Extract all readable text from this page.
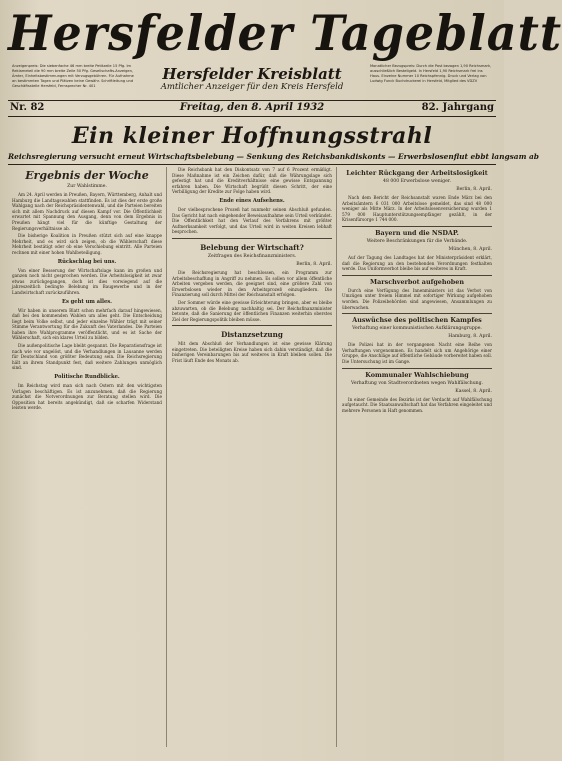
Hersfelder Tageblatt
Anzeigenpreis: Die siebenfache 46 mm breite Petitzeile 15 Pfg. Im Reklameteil die 90 mm breite Zeile 50 Pfg. Gesellschafts-Anzeigen, Ämter, Einheitsbestimmungen mit Verzugsgebühren. Für Aufnahme an bestimmten Tagen und Plätzen keine Gewähr. Schriftleitung und Geschäftsstelle Hersfeld, Fernsprecher Nr. 401
Hersfelder Kreisblatt
Amtlicher Anzeiger für den Kreis Hersfeld
Monatlicher Bezugspreis: Durch die Post bezogen 1,90 Reichsmark, ausschließlich Bestellgeld. In Hersfeld 1,90 Reichsmark frei ins Haus. Einzelne Nummer 10 Reichspfennig. Druck und Verlag von Ludwig Funck Buchdruckerei in Hersfeld, Mitglied des VDZV
Nr. 82	Freitag, den 8. April 1932	82. Jahrgang
Ein kleiner Hoffnungsstrahl
Reichsregierung versucht erneut Wirtschaftsbelebung — Senkung des Reichsbankdiskonts — Erwerbslosenflut ebbt langsam ab
Ergebnis der Woche
Zur Wahlstimme.

Am 24. April werden in Preußen, Bayern, Württemberg, Anhalt und Hamburg die Landtagswahlen stattfinden. Es ist dies der erste große Wahlgang nach der Reichspräsidentenwahl, und die Parteien bereiten sich mit allem Nachdruck auf diesen Kampf vor. Die Öffentlichkeit erwartet mit Spannung den Ausgang, denn von dem Ergebnis in Preußen hängt viel für die künftige Gestaltung der Regierungsverhältnisse ab.

Die bisherige Koalition in Preußen stützt sich auf eine knappe Mehrheit, und es wird sich zeigen, ob die Wählerschaft diese Mehrheit bestätigt oder ob eine Verschiebung eintritt. Alle Parteien rechnen mit einer hohen Wahlbeteiligung.

Rückschlag bei uns.

Von einer Besserung der Wirtschaftslage kann im großen und ganzen noch nicht gesprochen werden. Die Arbeitslosigkeit ist zwar etwas zurückgegangen, doch ist dies vorwiegend auf die jahreszeitlich bedingte Belebung im Baugewerbe und in der Landwirtschaft zurückzuführen.

Es geht um alles.

Wir haben in unserem Blatt schon mehrfach darauf hingewiesen, daß bei den kommenden Wahlen um alles geht. Die Entscheidung liegt beim Volke selbst, und jeder einzelne Wähler trägt mit seiner Stimme Verantwortung für die Zukunft des Vaterlandes. Die Parteien haben ihre Wahlprogramme veröffentlicht, und es ist Sache der Wählerschaft, sich ein klares Urteil zu bilden.

Die außenpolitische Lage bleibt gespannt. Die Reparationsfrage ist nach wie vor ungelöst, und die Verhandlungen in Lausanne werden für Deutschland von größter Bedeutung sein. Die Reichsregierung hält an ihrem Standpunkt fest, daß weitere Zahlungen unmöglich sind.

Politische Rundblicke.

Im Reichstag wird man sich nach Ostern mit den wichtigsten Vorlagen beschäftigen. Es ist anzunehmen, daß die Regierung zunächst die Notverordnungen zur Beratung stellen wird. Die Opposition hat bereits angekündigt, daß sie scharfen Widerstand leisten werde.

Die Reichsbank hat den Diskontsatz von 7 auf 6 Prozent ermäßigt. Diese Maßnahme ist ein Zeichen dafür, daß die Währungslage sich gefestigt hat und die Kreditverhältnisse eine gewisse Entspannung erfahren haben. Die Wirtschaft begrüßt diesen Schritt, der eine Verbilligung der Kredite zur Folge haben wird.

Ende eines Aufsehens.

Der vielbesprochene Prozeß hat nunmehr seinen Abschluß gefunden. Das Gericht hat nach eingehender Beweisaufnahme sein Urteil verkündet. Die Öffentlichkeit hat den Verlauf des Verfahrens mit größter Aufmerksamkeit verfolgt, und das Urteil wird in weiten Kreisen lebhaft besprochen.

Belebung der Wirtschaft?
Zeitfragen des Reichsfinanzministers.
Berlin, 8. April.

Die Reichsregierung hat beschlossen, ein Programm zur Arbeitsbeschaffung in Angriff zu nehmen. Es sollen vor allem öffentliche Arbeiten vergeben werden, die geeignet sind, eine größere Zahl von Erwerbslosen wieder in den Arbeitsprozeß einzugliedern. Die Finanzierung soll durch Mittel der Reichsanstalt erfolgen.

Der Sommer würde eine gewisse Erleichterung bringen, aber es bleibe abzuwarten, ob die Belebung nachhaltig sei. Der Reichsfinanzminister betonte, daß die Sanierung der öffentlichen Finanzen weiterhin oberstes Ziel der Regierungspolitik bleiben müsse.

Distanzsetzung

Mit dem Abschluß der Verhandlungen ist eine gewisse Klärung eingetreten. Die beteiligten Kreise haben sich dahin verständigt, daß die bisherigen Vereinbarungen bis auf weiteres in Kraft bleiben sollen. Die Frist läuft Ende des Monats ab.

Leichter Rückgang der Arbeitslosigkeit
48 000 Erwerbslose weniger.
Berlin, 8. April.

Nach dem Bericht der Reichsanstalt waren Ende März bei den Arbeitsämtern 6 031 000 Arbeitslose gemeldet, das sind 48 000 weniger als Mitte März. In der Arbeitslosenversicherung wurden 1 579 000 Hauptunterstützungsempfänger gezählt, in der Krisenfürsorge 1 744 000.

Bayern und die NSDAP.
Weitere Beschränkungen für die Verbände.
München, 8. April.

Auf der Tagung des Landtages hat der Ministerpräsident erklärt, daß die Regierung an den bestehenden Verordnungen festhalten werde. Das Uniformverbot bleibe bis auf weiteres in Kraft.

Marschverbot aufgehoben

Durch eine Verfügung des Innenministers ist das Verbot von Umzügen unter freiem Himmel mit sofortiger Wirkung aufgehoben worden. Die Polizeibehörden sind angewiesen, Ansammlungen zu überwachen.

Auswüchse des politischen Kampfes
Verhaftung einer kommunistischen Aufklärungsgruppe.
Hamburg, 8. April.

Die Polizei hat in der vergangenen Nacht eine Reihe von Verhaftungen vorgenommen. Es handelt sich um Angehörige einer Gruppe, die Anschläge auf öffentliche Gebäude vorbereitet haben soll. Die Untersuchung ist im Gange.

Kommunaler Wahlschiebung
Verhaftung von Stadtverordneten wegen Wahlfälschung.
Kassel, 8. April.

In einer Gemeinde des Bezirks ist der Verdacht auf Wahlfälschung aufgetaucht. Die Staatsanwaltschaft hat das Verfahren eingeleitet und mehrere Personen in Haft genommen.
